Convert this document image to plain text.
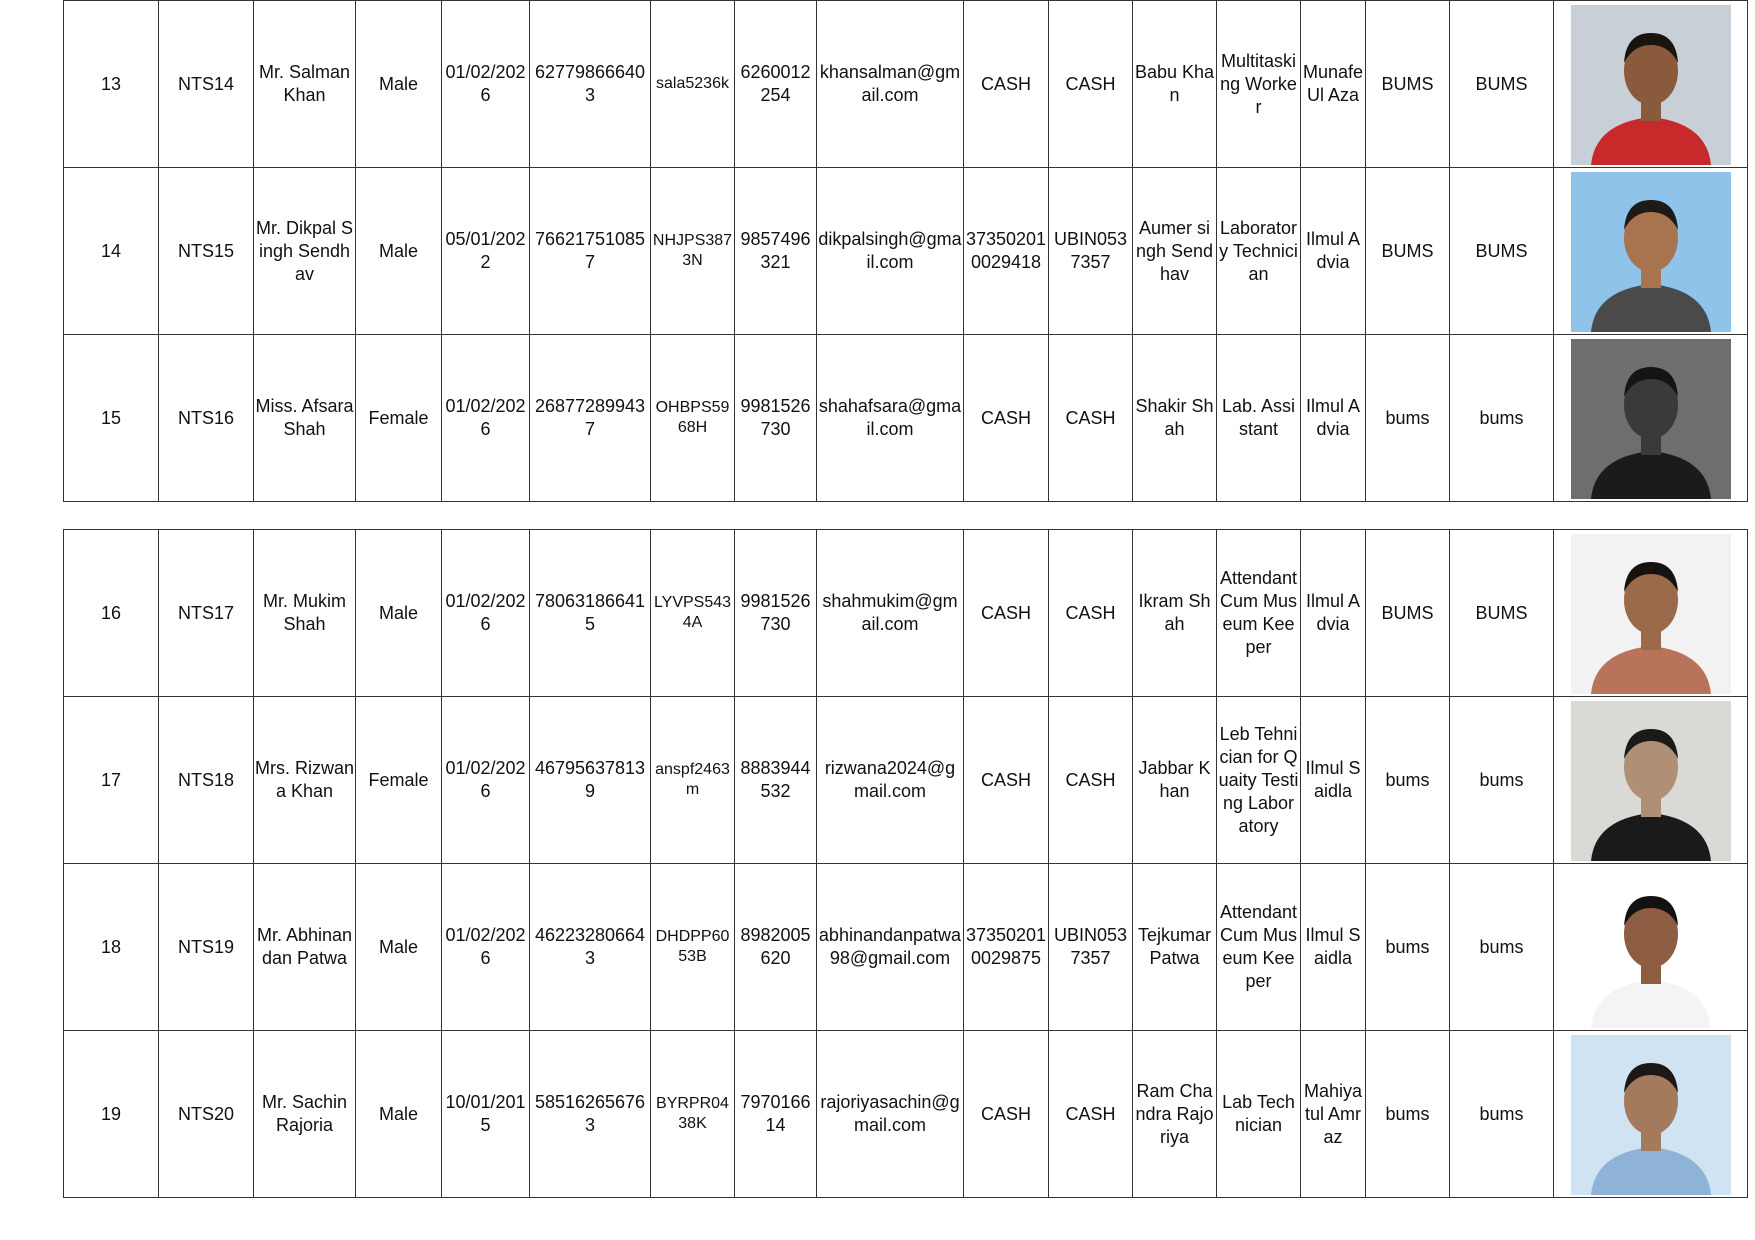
13	NTS14	Mr. Salman Khan	Male	01/02/2026	627798666403	sala5236k	6260012254	khansalman@gmail.com	CASH	CASH	Babu Khan	Multitasking Worker	Munafe Ul Aza	BUMS	BUMS	

14	NTS15	Mr. Dikpal Singh Sendhav	Male	05/01/2022	766217510857	NHJPS3873N	9857496321	dikpalsingh@gmail.com	373502010029418	UBIN0537357	Aumer singh Sendhav	Laboratory Technician	Ilmul Advia	BUMS	BUMS	

15	NTS16	Miss. Afsara Shah	Female	01/02/2026	268772899437	OHBPS5968H	9981526730	shahafsara@gmail.com	CASH	CASH	Shakir Shah	Lab. Assistant	Ilmul Advia	bums	bums	
16	NTS17	Mr. Mukim Shah	Male	01/02/2026	780631866415	LYVPS5434A	9981526730	shahmukim@gmail.com	CASH	CASH	Ikram Shah	Attendant Cum Museum Keeper	Ilmul Advia	BUMS	BUMS	

17	NTS18	Mrs. Rizwana Khan	Female	01/02/2026	467956378139	anspf2463m	8883944532	rizwana2024@gmail.com	CASH	CASH	Jabbar Khan	Leb Tehnician for Quaity Testing Laboratory	Ilmul Saidla	bums	bums	

18	NTS19	Mr. Abhinandan Patwa	Male	01/02/2026	462232806643	DHDPP6053B	8982005620	abhinandanpatwa98@gmail.com	373502010029875	UBIN0537357	Tejkumar Patwa	Attendant Cum Museum Keeper	Ilmul Saidla	bums	bums	

19	NTS20	Mr. Sachin Rajoria	Male	10/01/2015	585162656763	BYRPR0438K	797016614	rajoriyasachin@gmail.com	CASH	CASH	Ram Chandra Rajoriya	Lab Technician	Mahiyatul Amraz	bums	bums	
